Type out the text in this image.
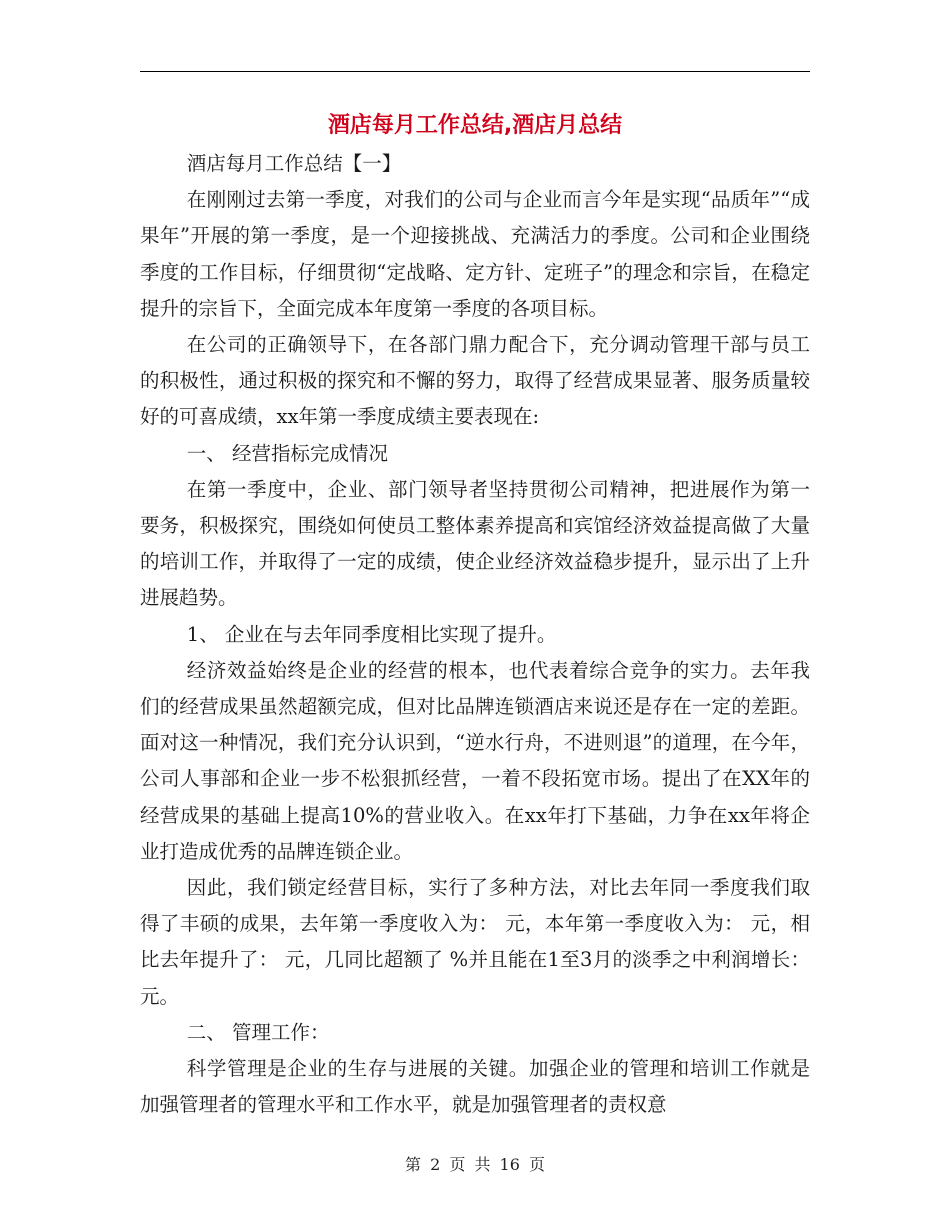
酒店每月工作总结,酒店月总结

酒店每月工作总结【一】

在刚刚过去第一季度，对我们的公司与企业而言今年是实现“品质年”“成果年”开展的第一季度，是一个迎接挑战、充满活力的季度。公司和企业围绕季度的工作目标，仔细贯彻“定战略、定方针、定班子”的理念和宗旨，在稳定提升的宗旨下，全面完成本年度第一季度的各项目标。

在公司的正确领导下，在各部门鼎力配合下，充分调动管理干部与员工的积极性，通过积极的探究和不懈的努力，取得了经营成果显著、服务质量较好的可喜成绩，xx年第一季度成绩主要表现在:

一、 经营指标完成情况

在第一季度中，企业、部门领导者坚持贯彻公司精神，把进展作为第一要务，积极探究，围绕如何使员工整体素养提高和宾馆经济效益提高做了大量的培训工作，并取得了一定的成绩，使企业经济效益稳步提升，显示出了上升进展趋势。

1、 企业在与去年同季度相比实现了提升。

经济效益始终是企业的经营的根本，也代表着综合竞争的实力。去年我们的经营成果虽然超额完成，但对比品牌连锁酒店来说还是存在一定的差距。面对这一种情况，我们充分认识到，“逆水行舟，不进则退”的道理，在今年，公司人事部和企业一步不松狠抓经营，一着不段拓宽市场。提出了在XX年的经营成果的基础上提高10%的营业收入。在xx年打下基础，力争在xx年将企业打造成优秀的品牌连锁企业。

因此，我们锁定经营目标，实行了多种方法，对比去年同一季度我们取得了丰硕的成果，去年第一季度收入为： 元，本年第一季度收入为： 元，相比去年提升了： 元，几同比超额了 %并且能在1至3月的淡季之中利润增长： 元。

二、 管理工作：

科学管理是企业的生存与进展的关键。加强企业的管理和培训工作就是加强管理者的管理水平和工作水平，就是加强管理者的责权意

第 2 页 共 16 页
